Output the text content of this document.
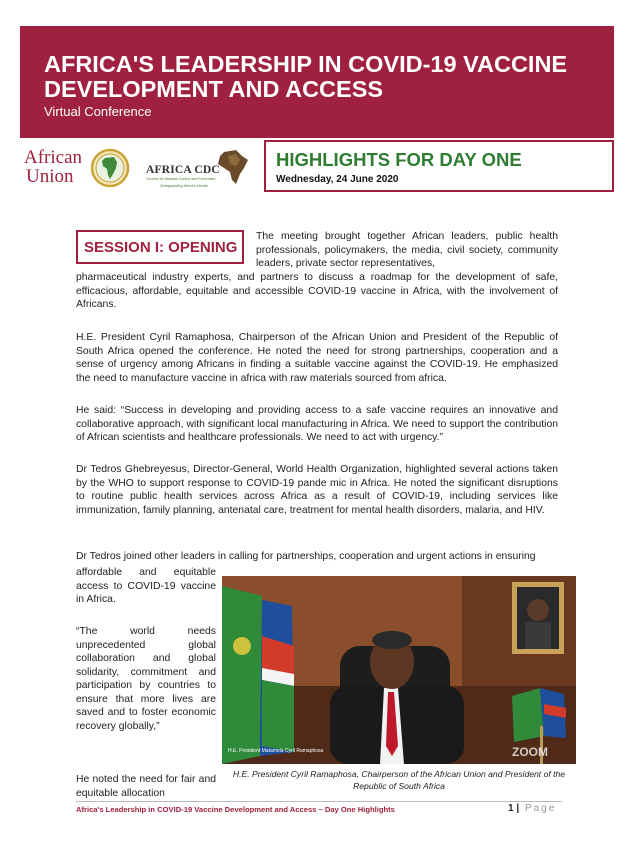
AFRICA'S LEADERSHIP IN COVID-19 VACCINE DEVELOPMENT AND ACCESS
Virtual Conference
African
Union	AFRICA CDC
Centres for Disease Control and Prevention
Safeguarding Africa's Health
HIGHLIGHTS FOR DAY ONE
Wednesday, 24 June 2020
SESSION I: OPENING
The meeting brought together African leaders, public health professionals, policymakers, the media, civil society, community leaders, private sector representatives,
pharmaceutical industry experts, and partners to discuss a roadmap for the development of safe, efficacious, affordable, equitable and accessible COVID-19 vaccine in Africa, with the involvement of Africans.
H.E. President Cyril Ramaphosa, Chairperson of the African Union and President of the Republic of South Africa opened the conference. He noted the need for strong partnerships, cooperation and a sense of urgency among Africans in finding a suitable vaccine against the COVID-19. He emphasized the need to manufacture vaccine in africa with raw materials sourced from africa.
He said: “Success in developing and providing access to a safe vaccine requires an innovative and collaborative approach, with significant local manufacturing in Africa. We need to support the contribution of African scientists and healthcare professionals. We need to act with urgency.”
Dr Tedros Ghebreyesus, Director-General, World Health Organization, highlighted several actions taken by the WHO to support response to COVID-19 pande mic in Africa. He noted the significant disruptions to routine public health services across Africa as a result of COVID-19, including services like immunization, family planning, antenatal care, treatment for mental health disorders, malaria, and HIV.
Dr Tedros joined other leaders in calling for partnerships, cooperation and urgent actions in ensuring
affordable and equitable access to COVID-19 vaccine in Africa.
“The world needs unprecedented global collaboration and global solidarity, commitment and participation by countries to ensure that more lives are saved and to foster economic recovery globally,”
He noted the need for fair and equitable allocation
H.E. President Matamela Cyril Ramaphosa	ZOOM
H.E. President Cyril Ramaphosa, Chairperson of the African Union and President of the Republic of South Africa
Africa's Leadership in COVID-19 Vaccine Development and Access – Day One Highlights	1 | Page
